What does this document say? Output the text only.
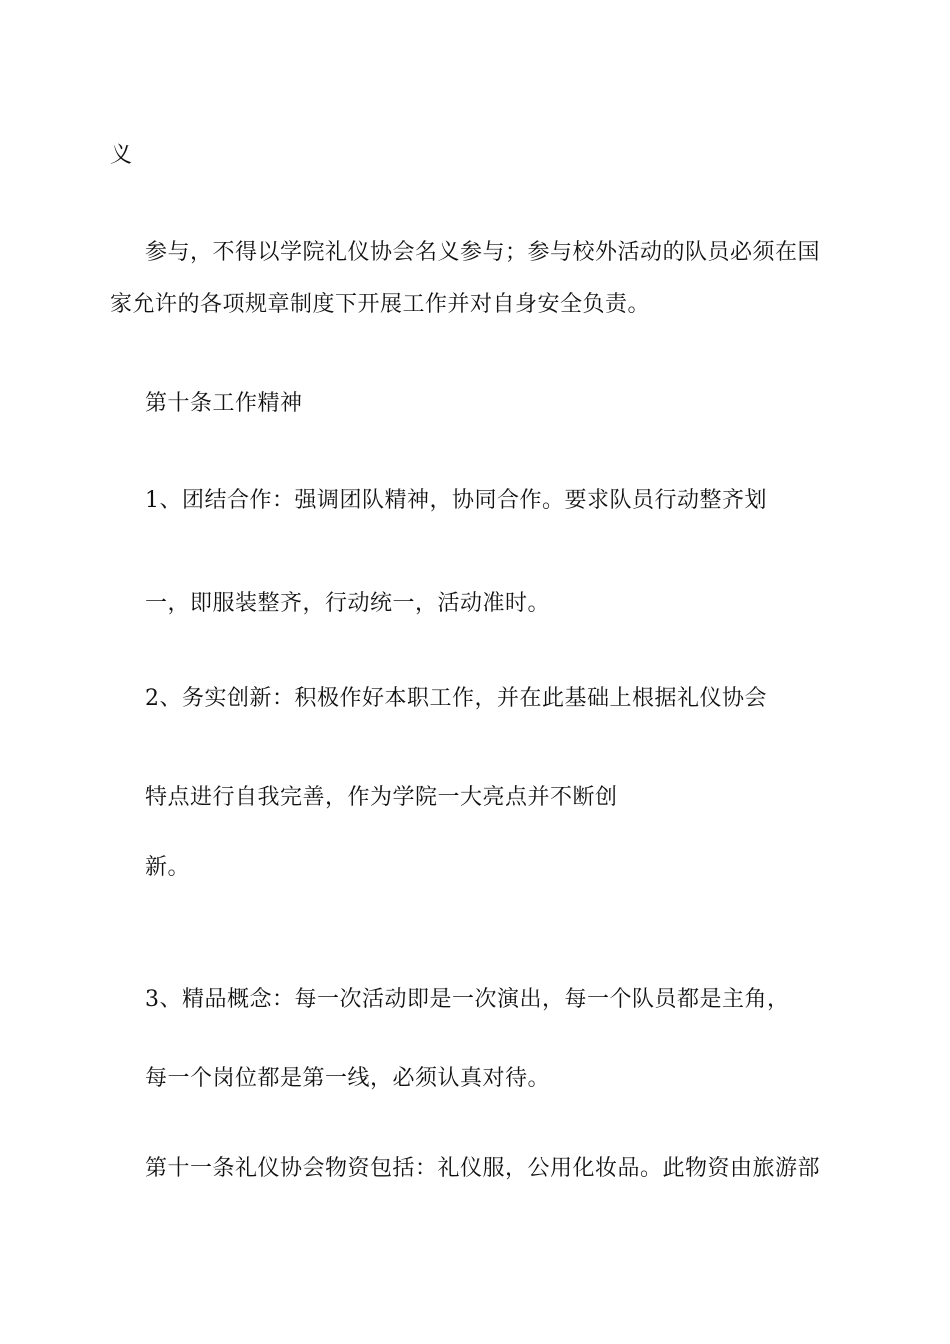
义
参与，不得以学院礼仪协会名义参与；参与校外活动的队员必须在国
家允许的各项规章制度下开展工作并对自身安全负责。
第十条工作精神
1、团结合作：强调团队精神，协同合作。要求队员行动整齐划
一，即服装整齐，行动统一，活动准时。
2、务实创新：积极作好本职工作，并在此基础上根据礼仪协会
特点进行自我完善，作为学院一大亮点并不断创
新。
3、精品概念：每一次活动即是一次演出，每一个队员都是主角，
每一个岗位都是第一线，必须认真对待。
第十一条礼仪协会物资包括：礼仪服，公用化妆品。此物资由旅游部
